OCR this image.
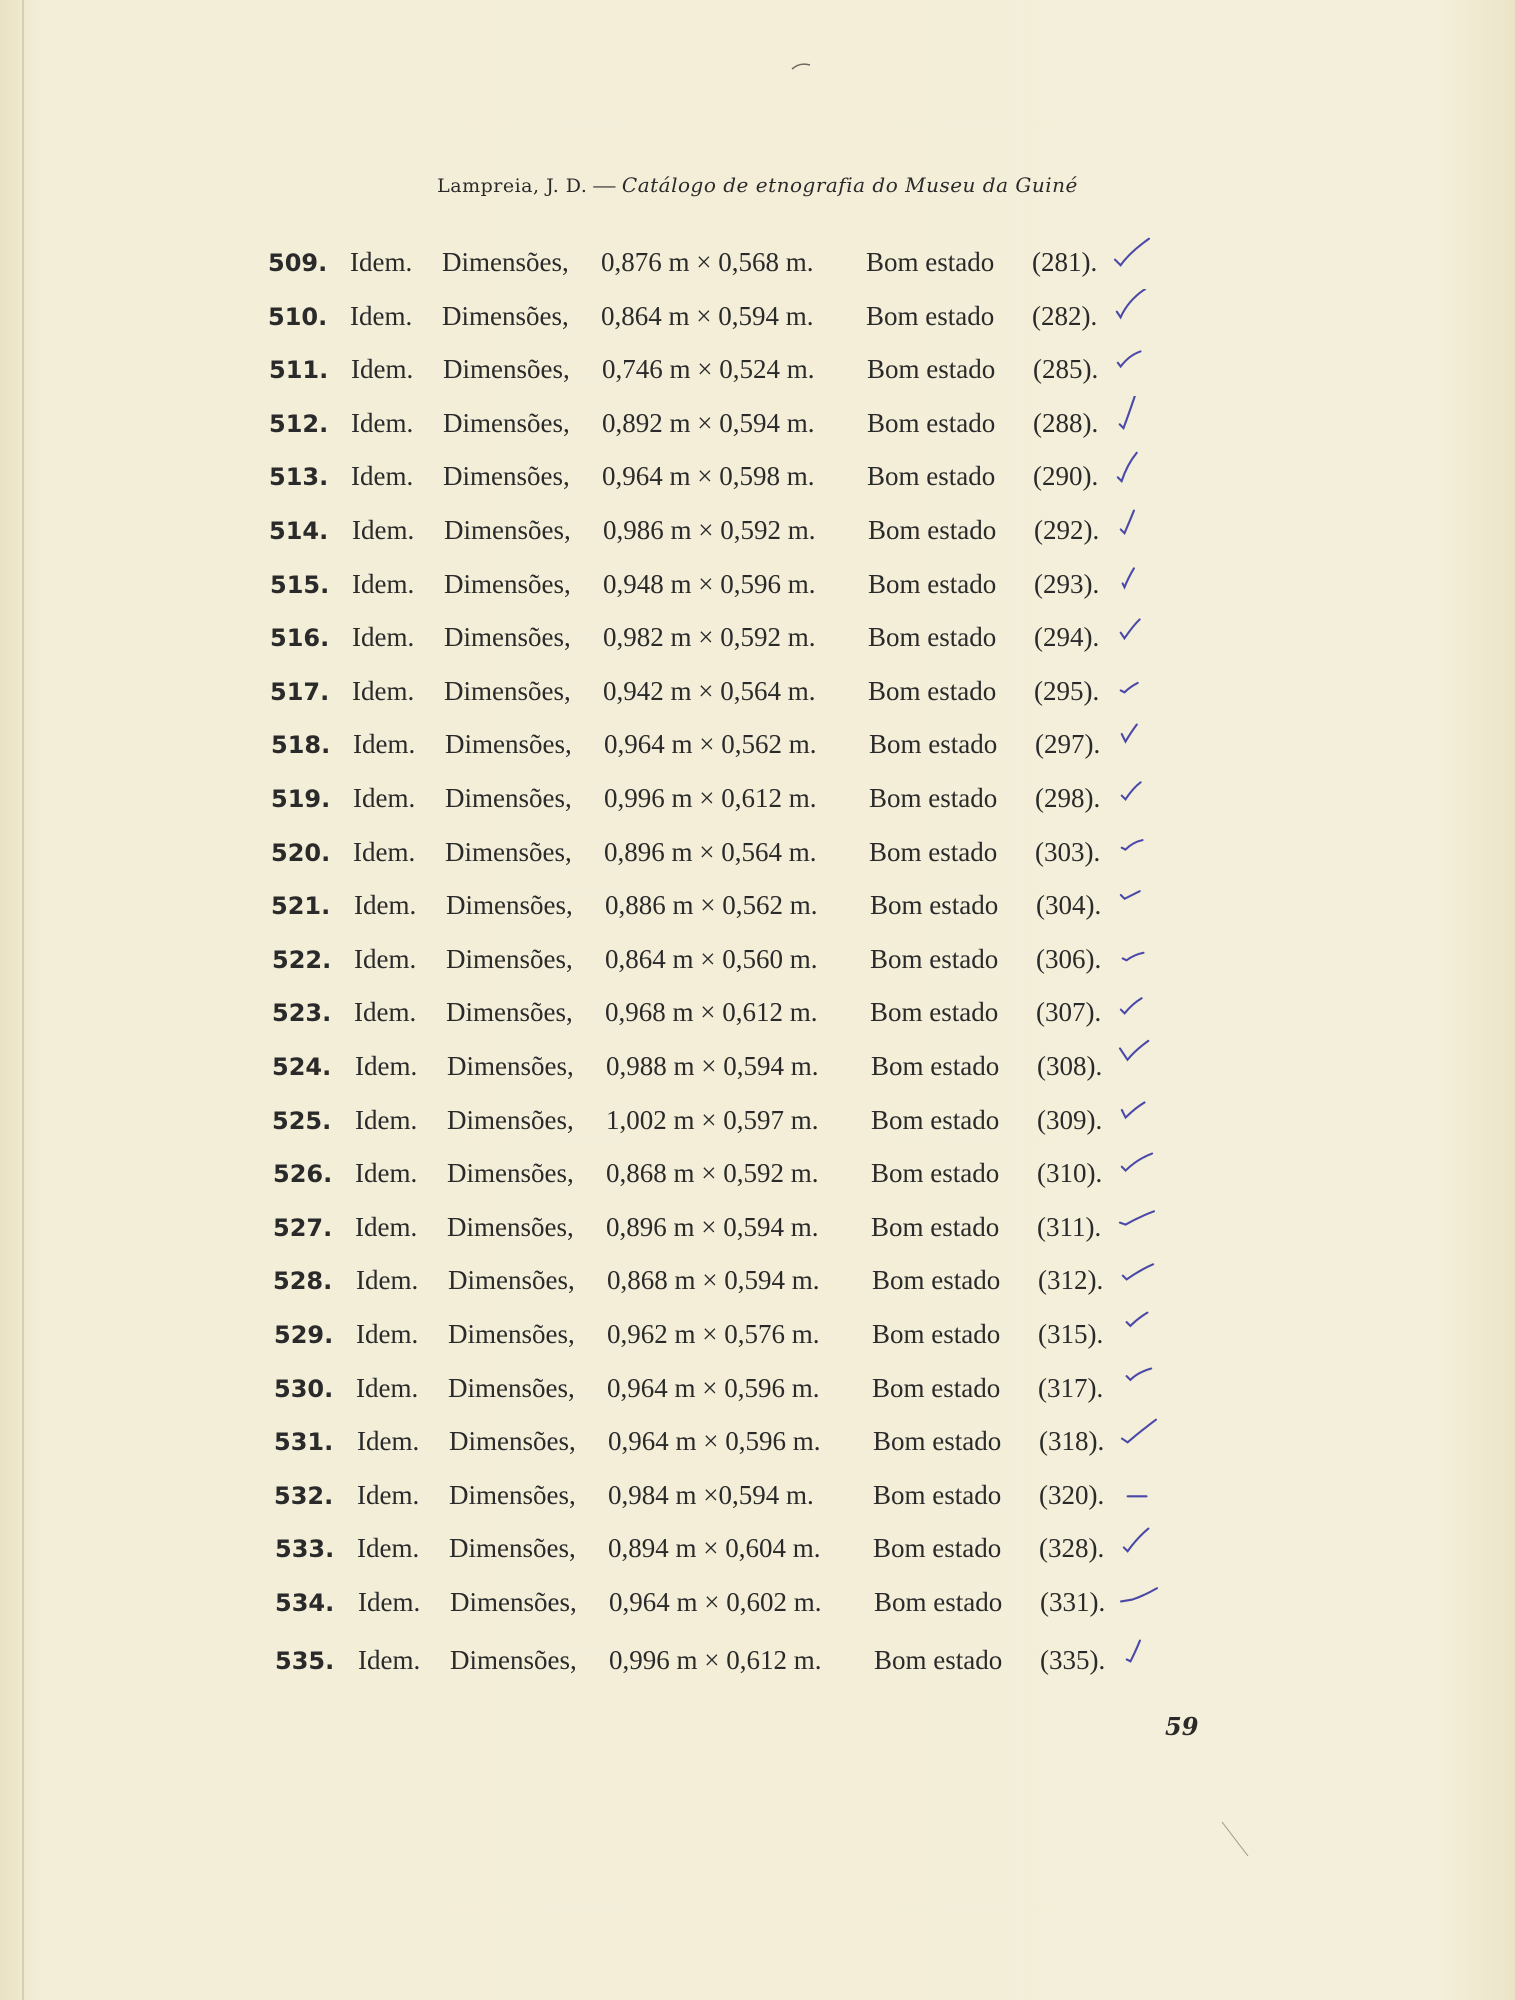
Lampreia, J. D. — Catálogo de etnografia do Museu da Guiné
509. Idem. Dimensões, 0,876 m × 0,568 m. Bom estado (281).
510. Idem. Dimensões, 0,864 m × 0,594 m. Bom estado (282).
511. Idem. Dimensões, 0,746 m × 0,524 m. Bom estado (285).
512. Idem. Dimensões, 0,892 m × 0,594 m. Bom estado (288).
513. Idem. Dimensões, 0,964 m × 0,598 m. Bom estado (290).
514. Idem. Dimensões, 0,986 m × 0,592 m. Bom estado (292).
515. Idem. Dimensões, 0,948 m × 0,596 m. Bom estado (293).
516. Idem. Dimensões, 0,982 m × 0,592 m. Bom estado (294).
517. Idem. Dimensões, 0,942 m × 0,564 m. Bom estado (295).
518. Idem. Dimensões, 0,964 m × 0,562 m. Bom estado (297).
519. Idem. Dimensões, 0,996 m × 0,612 m. Bom estado (298).
520. Idem. Dimensões, 0,896 m × 0,564 m. Bom estado (303).
521. Idem. Dimensões, 0,886 m × 0,562 m. Bom estado (304).
522. Idem. Dimensões, 0,864 m × 0,560 m. Bom estado (306).
523. Idem. Dimensões, 0,968 m × 0,612 m. Bom estado (307).
524. Idem. Dimensões, 0,988 m × 0,594 m. Bom estado (308).
525. Idem. Dimensões, 1,002 m × 0,597 m. Bom estado (309).
526. Idem. Dimensões, 0,868 m × 0,592 m. Bom estado (310).
527. Idem. Dimensões, 0,896 m × 0,594 m. Bom estado (311).
528. Idem. Dimensões, 0,868 m × 0,594 m. Bom estado (312).
529. Idem. Dimensões, 0,962 m × 0,576 m. Bom estado (315).
530. Idem. Dimensões, 0,964 m × 0,596 m. Bom estado (317).
531. Idem. Dimensões, 0,964 m × 0,596 m. Bom estado (318).
532. Idem. Dimensões, 0,984 m ×0,594 m. Bom estado (320).
533. Idem. Dimensões, 0,894 m × 0,604 m. Bom estado (328).
534. Idem. Dimensões, 0,964 m × 0,602 m. Bom estado (331).
535. Idem. Dimensões, 0,996 m × 0,612 m. Bom estado (335).
59
